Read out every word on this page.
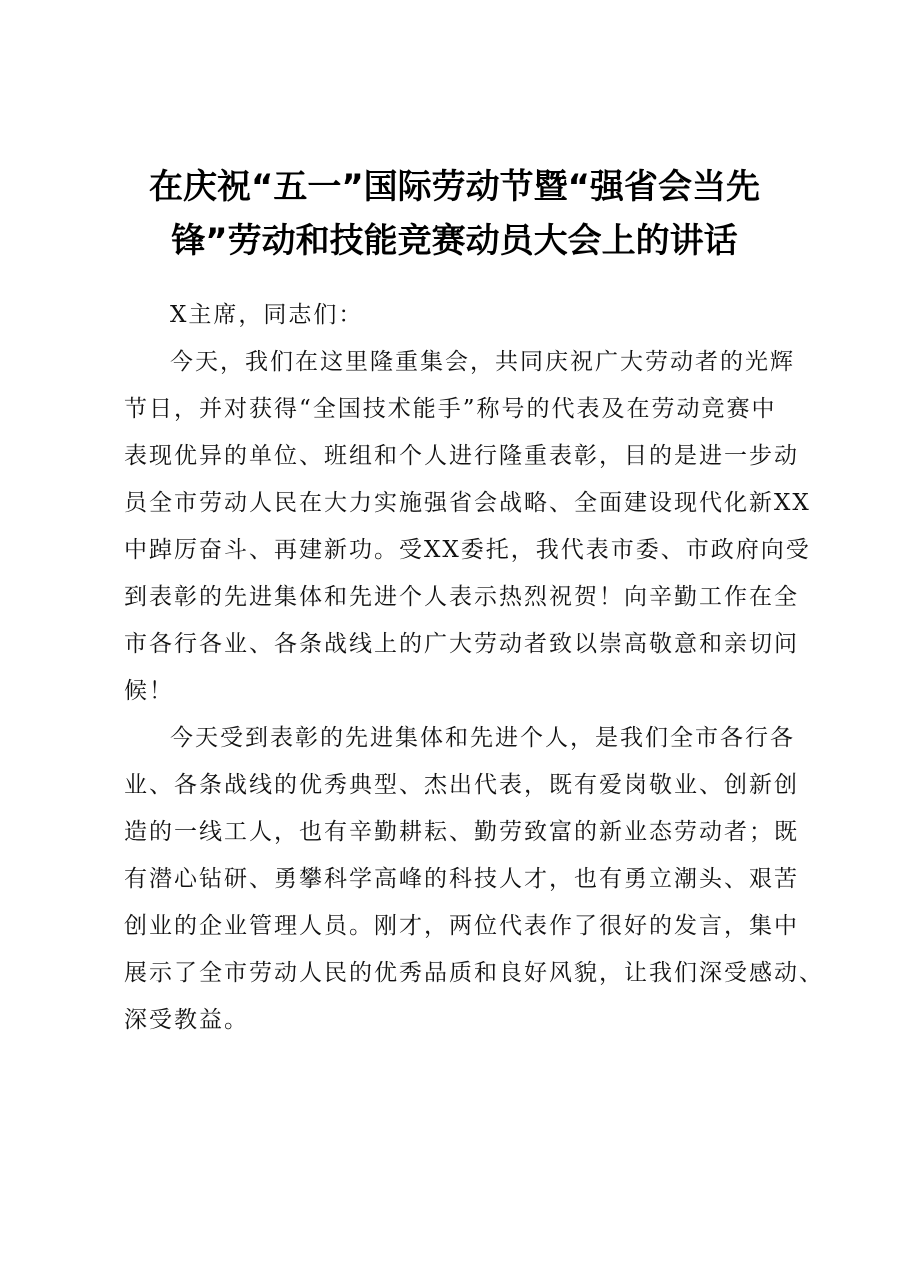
在庆祝“五一”国际劳动节暨“强省会当先
锋”劳动和技能竞赛动员大会上的讲话
X主席，同志们：
今天，我们在这里隆重集会，共同庆祝广大劳动者的光辉
节日，并对获得“全国技术能手”称号的代表及在劳动竞赛中
表现优异的单位、班组和个人进行隆重表彰，目的是进一步动
员全市劳动人民在大力实施强省会战略、全面建设现代化新XX
中踔厉奋斗、再建新功。受XX委托，我代表市委、市政府向受
到表彰的先进集体和先进个人表示热烈祝贺！向辛勤工作在全
市各行各业、各条战线上的广大劳动者致以崇高敬意和亲切问
候！
今天受到表彰的先进集体和先进个人，是我们全市各行各
业、各条战线的优秀典型、杰出代表，既有爱岗敬业、创新创
造的一线工人，也有辛勤耕耘、勤劳致富的新业态劳动者；既
有潜心钻研、勇攀科学高峰的科技人才，也有勇立潮头、艰苦
创业的企业管理人员。刚才，两位代表作了很好的发言，集中
展示了全市劳动人民的优秀品质和良好风貌，让我们深受感动、
深受教益。
